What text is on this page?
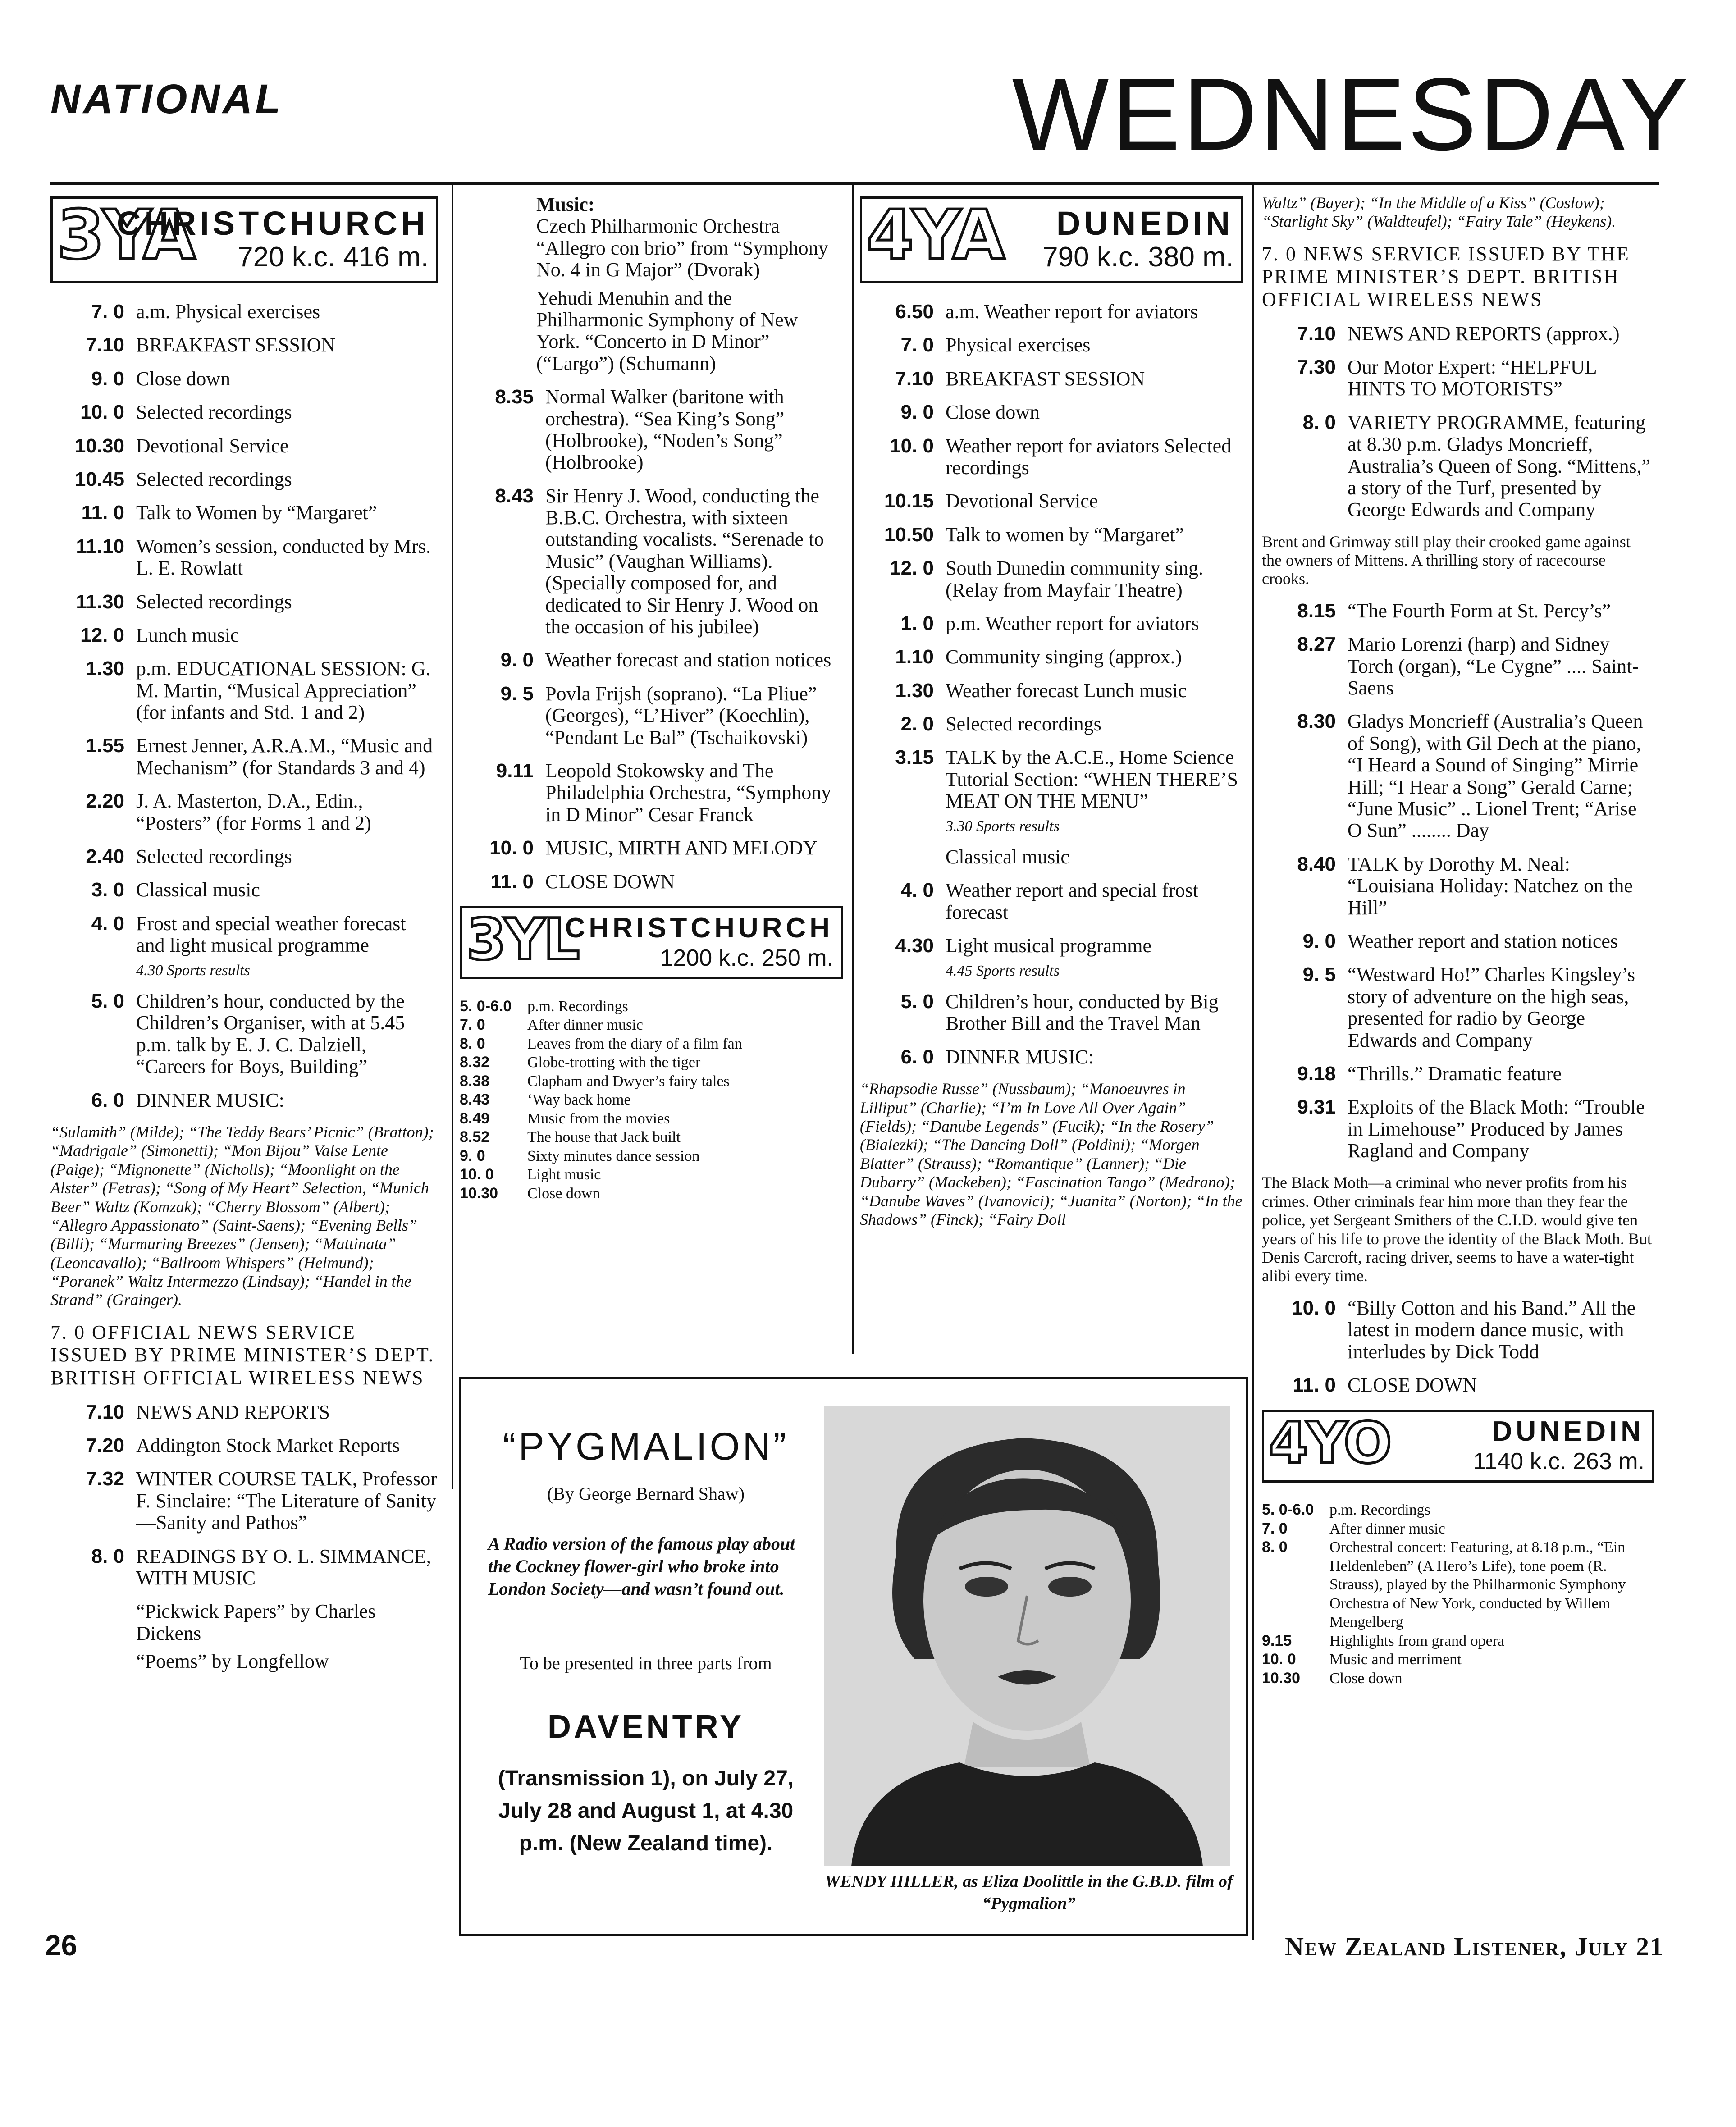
NATIONAL	WEDNESDAY
3YA
CHRISTCHURCH
720 k.c. 416 m.
7. 0 a.m. Physical exercises
7.10 BREAKFAST SESSION
9. 0 Close down
10. 0 Selected recordings
10.30 Devotional Service
10.45 Selected recordings
11. 0 Talk to Women by “Margaret”
11.10 Women’s session, conducted by Mrs. L. E. Rowlatt
11.30 Selected recordings
12. 0 Lunch music
1.30 p.m. EDUCATIONAL SESSION: G. M. Martin, “Musical Appreciation” (for infants and Std. 1 and 2)
1.55 Ernest Jenner, A.R.A.M., “Music and Mechanism” (for Standards 3 and 4)
2.20 J. A. Masterton, D.A., Edin., “Posters” (for Forms 1 and 2)
2.40 Selected recordings
3. 0 Classical music
4. 0 Frost and special weather forecast and light musical programme
4.30 Sports results
5. 0 Children’s hour, conducted by the Children’s Organiser, with at 5.45 p.m. talk by E. J. C. Dalziell, “Careers for Boys, Building”
6. 0 DINNER MUSIC:
“Sulamith” (Milde); “The Teddy Bears’ Picnic” (Bratton); “Madrigale” (Simonetti); “Mon Bijou” Valse Lente (Paige); “Mignonette” (Nicholls); “Moonlight on the Alster” (Fetras); “Song of My Heart” Selection, “Munich Beer” Waltz (Komzak); “Cherry Blossom” (Albert); “Allegro Appassionato” (Saint-Saens); “Evening Bells” (Billi); “Murmuring Breezes” (Jensen); “Mattinata” (Leoncavallo); “Ballroom Whispers” (Helmund); “Poranek” Waltz Intermezzo (Lindsay); “Handel in the Strand” (Grainger).
7. 0 OFFICIAL NEWS SERVICE ISSUED BY PRIME MINISTER’S DEPT. BRITISH OFFICIAL WIRELESS NEWS
7.10 NEWS AND REPORTS
7.20 Addington Stock Market Reports
7.32 WINTER COURSE TALK, Professor F. Sinclaire: “The Literature of Sanity—Sanity and Pathos”
8. 0 READINGS BY O. L. SIMMANCE, WITH MUSIC
“Pickwick Papers” by Charles Dickens
“Poems” by Longfellow
Music:
Czech Philharmonic Orchestra “Allegro con brio” from “Symphony No. 4 in G Major” (Dvorak)
Yehudi Menuhin and the Philharmonic Symphony of New York. “Concerto in D Minor” (“Largo”) (Schumann)
8.35 Normal Walker (baritone with orchestra). “Sea King’s Song” (Holbrooke), “Noden’s Song” (Holbrooke)
8.43 Sir Henry J. Wood, conducting the B.B.C. Orchestra, with sixteen outstanding vocalists. “Serenade to Music” (Vaughan Williams). (Specially composed for, and dedicated to Sir Henry J. Wood on the occasion of his jubilee)
9. 0 Weather forecast and station notices
9. 5 Povla Frijsh (soprano). “La Pliue” (Georges), “L’Hiver” (Koechlin), “Pendant Le Bal” (Tschaikovski)
9.11 Leopold Stokowsky and The Philadelphia Orchestra, “Symphony in D Minor” Cesar Franck
10. 0 MUSIC, MIRTH AND MELODY
11. 0 CLOSE DOWN
3YL
CHRISTCHURCH
1200 k.c. 250 m.
5. 0-6.0	p.m. Recordings
7. 0	After dinner music
8. 0	Leaves from the diary of a film fan
8.32	Globe-trotting with the tiger
8.38	Clapham and Dwyer’s fairy tales
8.43	‘Way back home
8.49	Music from the movies
8.52	The house that Jack built
9. 0	Sixty minutes dance session
10. 0	Light music
10.30	Close down
4YA DUNEDIN
790 k.c. 380 m.
6.50 a.m. Weather report for aviators
7. 0 Physical exercises
7.10 BREAKFAST SESSION
9. 0 Close down
10. 0 Weather report for aviators Selected recordings
10.15 Devotional Service
10.50 Talk to women by “Margaret”
12. 0 South Dunedin community sing. (Relay from Mayfair Theatre)
1. 0 p.m. Weather report for aviators
1.10 Community singing (approx.)
1.30 Weather forecast Lunch music
2. 0 Selected recordings
3.15 TALK by the A.C.E., Home Science Tutorial Section: “WHEN THERE’S MEAT ON THE MENU”
3.30 Sports results
Classical music
4. 0 Weather report and special frost forecast
4.30 Light musical programme
4.45 Sports results
5. 0 Children’s hour, conducted by Big Brother Bill and the Travel Man
6. 0 DINNER MUSIC:
“Rhapsodie Russe” (Nussbaum); “Manoeuvres in Lilliput” (Charlie); “I’m In Love All Over Again” (Fields); “Danube Legends” (Fucik); “In the Rosery” (Bialezki); “The Dancing Doll” (Poldini); “Morgen Blatter” (Strauss); “Romantique” (Lanner); “Die Dubarry” (Mackeben); “Fascination Tango” (Medrano); “Danube Waves” (Ivanovici); “Juanita” (Norton); “In the Shadows” (Finck); “Fairy Doll
Waltz” (Bayer); “In the Middle of a Kiss” (Coslow); “Starlight Sky” (Waldteufel); “Fairy Tale” (Heykens).
7. 0 NEWS SERVICE ISSUED BY THE PRIME MINISTER’S DEPT. BRITISH OFFICIAL WIRELESS NEWS
7.10 NEWS AND REPORTS (approx.)
7.30 Our Motor Expert: “HELPFUL HINTS TO MOTORISTS”
8. 0 VARIETY PROGRAMME, featuring at 8.30 p.m. Gladys Moncrieff, Australia’s Queen of Song. “Mittens,” a story of the Turf, presented by George Edwards and Company
Brent and Grimway still play their crooked game against the owners of Mittens. A thrilling story of racecourse crooks.
8.15 “The Fourth Form at St. Percy’s”
8.27 Mario Lorenzi (harp) and Sidney Torch (organ), “Le Cygne” .... Saint-Saens
8.30 Gladys Moncrieff (Australia’s Queen of Song), with Gil Dech at the piano, “I Heard a Sound of Singing” Mirrie Hill; “I Hear a Song” Gerald Carne; “June Music” .. Lionel Trent; “Arise O Sun” ........ Day
8.40 TALK by Dorothy M. Neal: “Louisiana Holiday: Natchez on the Hill”
9. 0 Weather report and station notices
9. 5 “Westward Ho!” Charles Kingsley’s story of adventure on the high seas, presented for radio by George Edwards and Company
9.18 “Thrills.” Dramatic feature
9.31 Exploits of the Black Moth: “Trouble in Limehouse” Produced by James Ragland and Company
The Black Moth—a criminal who never profits from his crimes. Other criminals fear him more than they fear the police, yet Sergeant Smithers of the C.I.D. would give ten years of his life to prove the identity of the Black Moth. But Denis Carcroft, racing driver, seems to have a water-tight alibi every time.
10. 0 “Billy Cotton and his Band.” All the latest in modern dance music, with interludes by Dick Todd
11. 0 CLOSE DOWN
4YO	DUNEDIN
1140 k.c. 263 m.
5. 0-6.0	p.m. Recordings
7. 0	After dinner music
8. 0	Orchestral concert: Featuring, at 8.18 p.m., “Ein Heldenleben” (A Hero’s Life), tone poem (R. Strauss), played by the Philharmonic Symphony Orchestra of New York, conducted by Willem Mengelberg
9.15	Highlights from grand opera
10. 0	Music and merriment
10.30	Close down
“PYGMALION”
(By George Bernard Shaw)
A Radio version of the famous play about the Cockney flower-girl who broke into London Society—and wasn’t found out.
To be presented in three parts from
DAVENTRY
(Transmission 1), on July 27, July 28 and August 1, at 4.30 p.m. (New Zealand time).
WENDY HILLER, as Eliza Doolittle in the G.B.D. film of “Pygmalion”
26	New Zealand Listener, July 21
